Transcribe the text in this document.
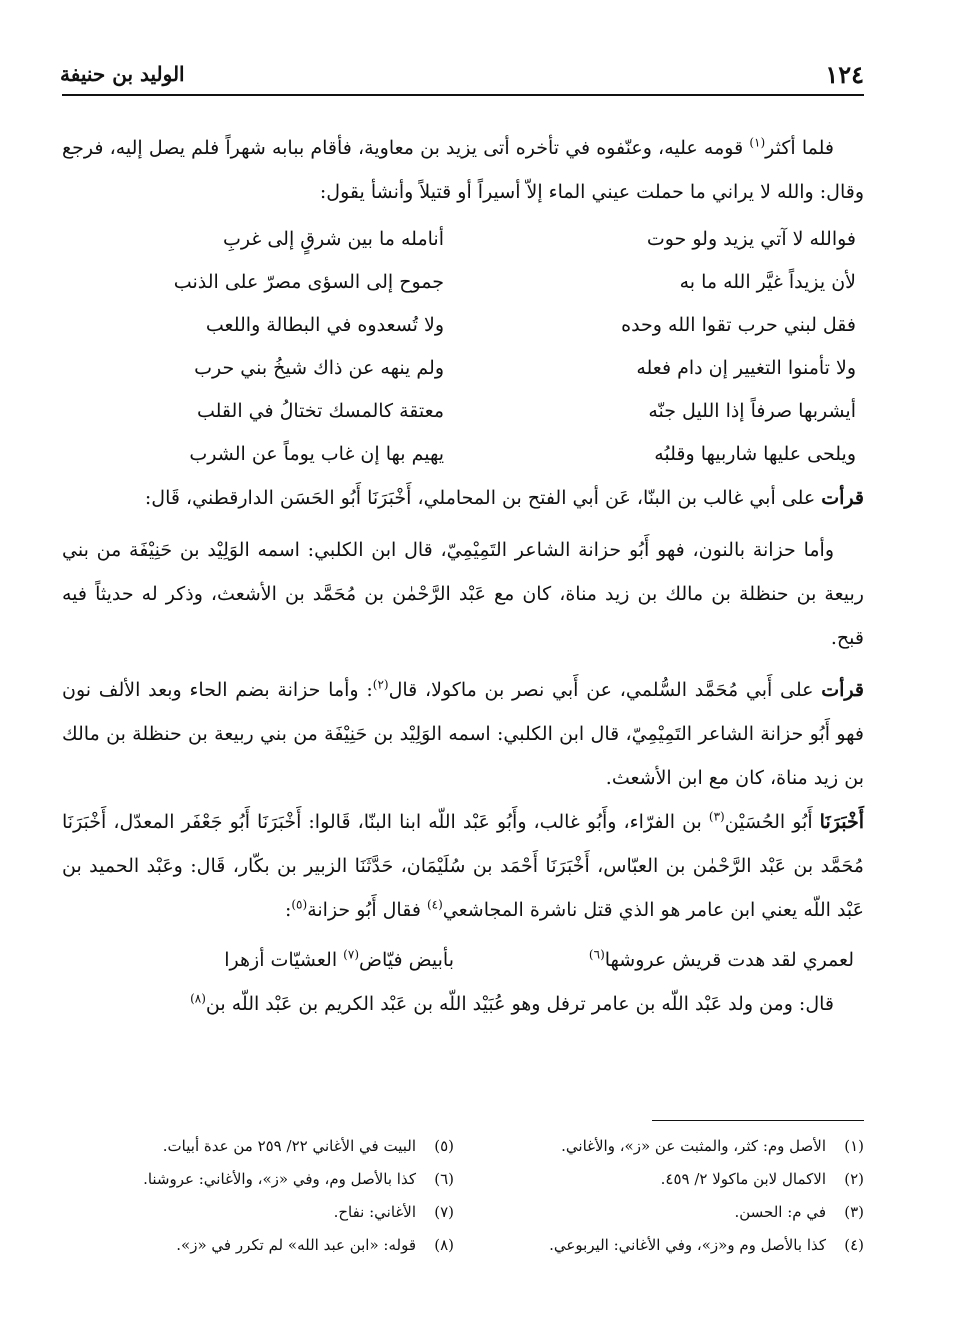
١٢٤
الوليد بن حنيفة

فلما أكثر$^{(١)}$ قومه عليه، وعنّفوه في تأخره أتى يزيد بن معاوية، فأقام ببابه شهراً فلم يصل إليه، فرجع وقال: والله لا يراني ما حملت عيني الماء إلاّ أسيراً أو قتيلاً وأنشأ يقول:

فوالله لا آتي يزيد ولو حوت
أنامله ما بين شرقٍ إلى غربِ
لأن يزيداً غيَّر الله ما به
جموح إلى السؤى مصرّ على الذنب
فقل لبني حرب تقوا الله وحده
ولا تُسعدوه في البطالة واللعب
ولا تأمنوا التغيير إن دام فعله
ولم ينهه عن ذاك شيخُ بني حرب
أيشربها صرفاً إذا الليل جنّه
معتقة كالمسك تختالُ في القلب
ويلحى عليها شاربيها وقلبُه
يهيم بها إن غاب يوماً عن الشرب

قرأت على أبي غالب بن البنّا، عَن أبي الفتح بن المحاملي، أَخْبَرَنَا أَبُو الحَسَن الدارقطني، قَال:

وأما حزانة بالنون، فهو أَبُو حزانة الشاعر التَمِيْمِيّ، قال ابن الكلبي: اسمه الوَلِيْد بن حَنِيْفَة من بني ربيعة بن حنظلة بن مالك بن زيد مناة، كان مع عَبْد الرَّحْمٰن بن مُحَمَّد بن الأشعث، وذكر له حديثاً فيه قبح.

قرأت على أَبي مُحَمَّد السُّلمي، عن أَبي نصر بن ماكولا، قال$^{(٢)}$: وأما حزانة بضم الحاء وبعد الألف نون فهو أَبُو حزانة الشاعر التَمِيْمِيّ، قال ابن الكلبي: اسمه الوَلِيْد بن حَنِيْفَة من بني ربيعة بن حنظلة بن مالك بن زيد مناة، كان مع ابن الأشعث.

أَخْبَرَنَا أَبُو الحُسَيْن$^{(٣)}$ بن الفرّاء، وأَبُو غالب، وأَبُو عَبْد اللّه ابنا البنّا، قَالوا: أَخْبَرَنَا أَبُو جَعْفَر المعدّل، أَخْبَرَنَا مُحَمَّد بن عَبْد الرَّحْمٰن بن العبّاس، أَخْبَرَنَا أَحْمَد بن سُلَيْمَان، حَدَّثَنَا الزبير بن بكّار، قَال: وعَبْد الحميد بن عَبْد اللّه يعني ابن عامر هو الذي قتل ناشرة المجاشعي$^{(٤)}$ فقال أَبُو حزانة$^{(٥)}$:

لعمري لقد هدت قريش عروشها$^{(٦)}$
بأبيض فيّاض$^{(٧)}$ العشيّات أزهرا

قال: ومن ولد عَبْد اللّه بن عامر ترفل وهو عُبَيْد اللّه بن عَبْد الكريم بن عَبْد اللّه بن$^{(٨)}$

(١)الأصل وم: كثر، والمثبت عن «ز»، والأغاني.
(٢)الاكمال لابن ماكولا ٢/ ٤٥٩.
(٣)في م: الحسن.
(٤)كذا بالأصل وم و«ز»، وفي الأغاني: اليربوعي.
(٥)البيت في الأغاني ٢٢/ ٢٥٩ من عدة أبيات.
(٦)كذا بالأصل وم، وفي «ز»، والأغاني: عروشنا.
(٧)الأغاني: نفاح.
(٨)قوله: «ابن عبد الله» لم تكرر في «ز».
